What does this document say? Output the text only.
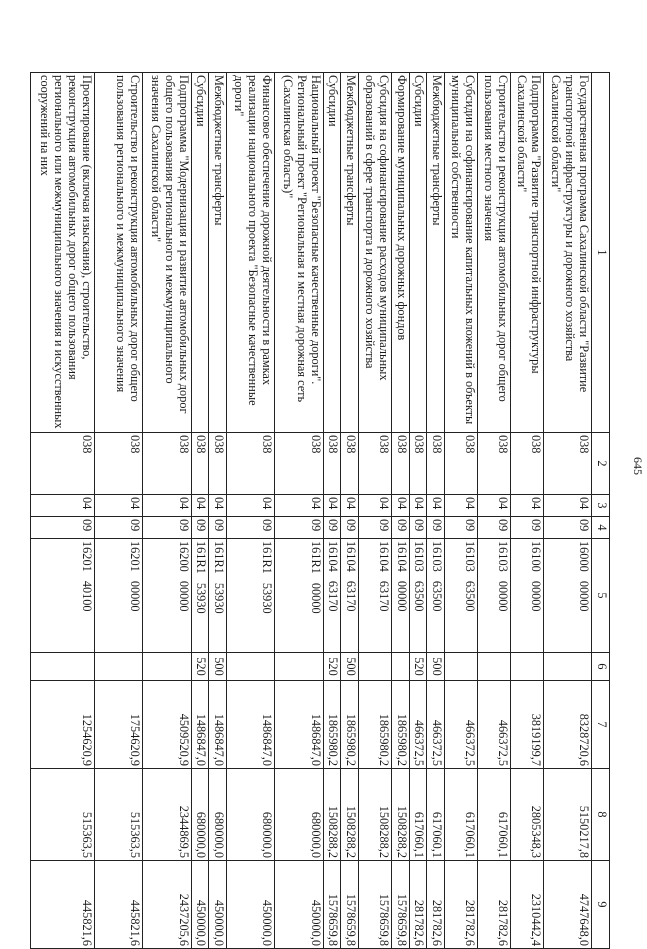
645
1	2	3	4	5	6	7	8	9
Государственная программа Сахалинской области "Развитие транспортной инфраструктуры и дорожного хозяйства Сахалинской области"	038	04	09	16000 00000		8328720,6	5150217,8	4747648,0
Подпрограмма "Развитие транспортной инфраструктуры Сахалинской области"	038	04	09	16100 00000		3819199,7	2805348,3	2310442,4
Строительство и реконструкция автомобильных дорог общего пользования местного значения	038	04	09	16103 00000		466372,5	617060,1	281782,6
Субсидии на софинансирование капитальных вложений в объекты муниципальной собственности	038	04	09	16103 63500		466372,5	617060,1	281782,6
Межбюджетные трансферты	038	04	09	16103 63500	500	466372,5	617060,1	281782,6
Субсидии	038	04	09	16103 63500	520	466372,5	617060,1	281782,6
Формирование муниципальных дорожных фондов	038	04	09	16104 00000		1865980,2	1508288,2	1578659,8
Субсидия на софинансирование расходов муниципальных образований в сфере транспорта и дорожного хозяйства	038	04	09	16104 63170		1865980,2	1508288,2	1578659,8
Межбюджетные трансферты	038	04	09	16104 63170	500	1865980,2	1508288,2	1578659,8
Субсидии	038	04	09	16104 63170	520	1865980,2	1508288,2	1578659,8
Национальный проект "Безопасные качественные дороги". Региональный проект "Региональная и местная дорожная сеть (Сахалинская область)"	038	04	09	161R1 00000		1486847,0	680000,0	450000,0
Финансовое обеспечение дорожной деятельности в рамках реализации национального проекта "Безопасные качественные дороги"	038	04	09	161R1 53930		1486847,0	680000,0	450000,0
Межбюджетные трансферты	038	04	09	161R1 53930	500	1486847,0	680000,0	450000,0
Субсидии	038	04	09	161R1 53930	520	1486847,0	680000,0	450000,0
Подпрограмма "Модернизация и развитие автомобильных дорог общего пользования регионального и межмуниципального значения Сахалинской области"	038	04	09	16200 00000		4509520,9	2344869,5	2437205,6
Строительство и реконструкция автомобильных дорог общего пользования регионального и межмуниципального значения	038	04	09	16201 00000		1754620,9	515363,5	445821,6
Проектирование (включая изыскания), строительство, реконструкция автомобильных дорог общего пользования регионального или межмуниципального значения и искусственных сооружений на них	038	04	09	16201 40100		1254620,9	515363,5	445821,6
